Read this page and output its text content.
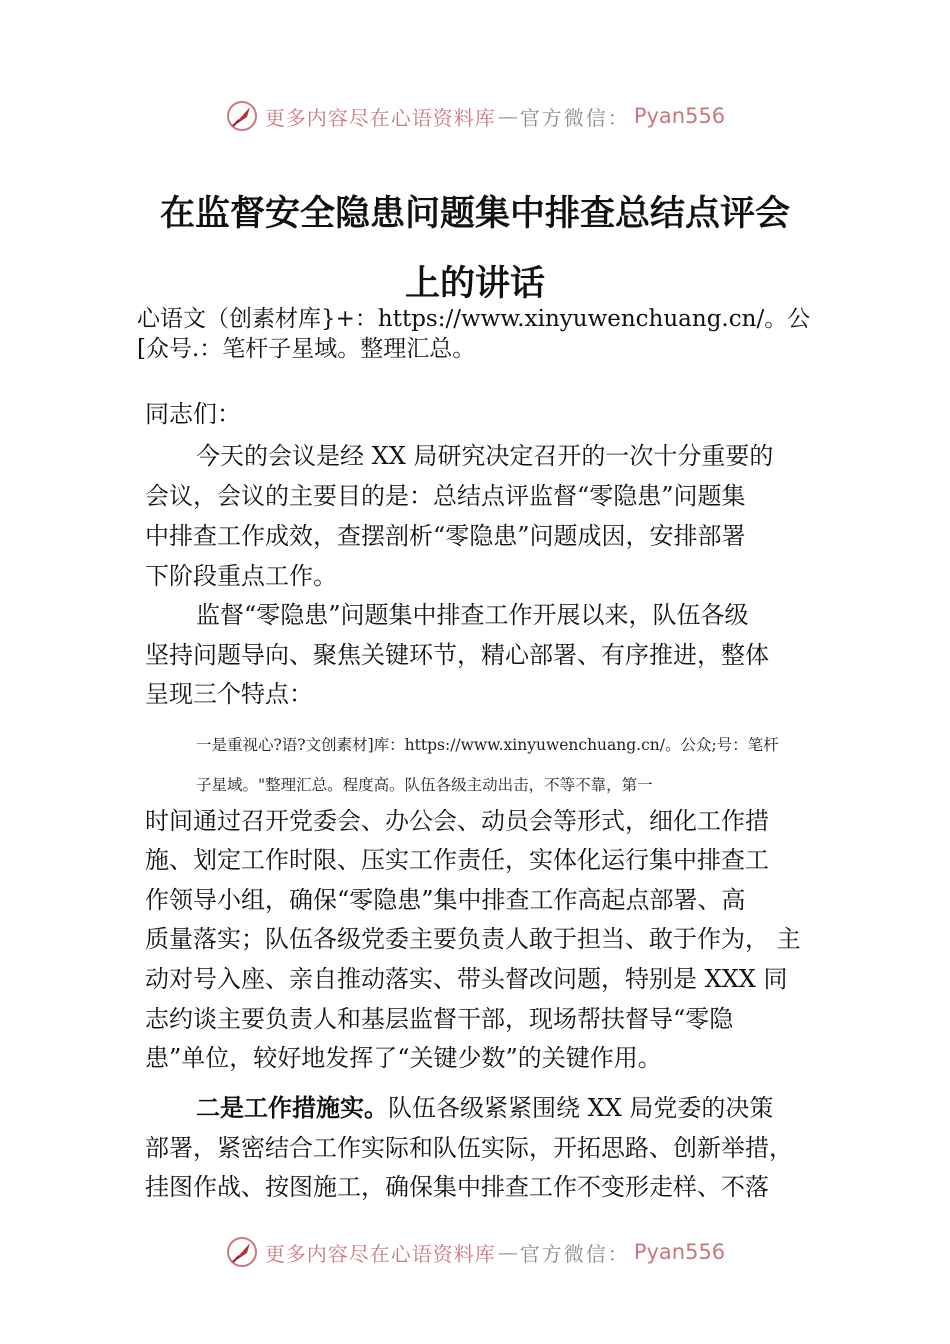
更多内容尽在心语资料库 — 官方微信： Pyan556
在监督安全隐患问题集中排查总结点评会
上的讲话
心语文（创素材库}+：https://www.xinyuwenchuang.cn/。公
[众号.：笔杆子星域。整理汇总。
同志们：
今天的会议是经 XX 局研究决定召开的一次十分重要的
会议，会议的主要目的是：总结点评监督“零隐患”问题集
中排查工作成效，查摆剖析“零隐患”问题成因，安排部署
下阶段重点工作。
监督“零隐患”问题集中排查工作开展以来，队伍各级
坚持问题导向、聚焦关键环节，精心部署、有序推进，整体
呈现三个特点：
一是重视心?语?文创素材]库：https://www.xinyuwenchuang.cn/。公众;号：笔杆
子星域。"整理汇总。程度高。队伍各级主动出击，不等不靠，第一
时间通过召开党委会、办公会、动员会等形式，细化工作措
施、划定工作时限、压实工作责任，实体化运行集中排查工
作领导小组，确保“零隐患”集中排查工作高起点部署、高
质量落实；队伍各级党委主要负责人敢于担当、敢于作为， 主
动对号入座、亲自推动落实、带头督改问题，特别是 XXX 同
志约谈主要负责人和基层监督干部，现场帮扶督导“零隐
患”单位，较好地发挥了“关键少数”的关键作用。
二是工作措施实。队伍各级紧紧围绕 XX 局党委的决策
部署，紧密结合工作实际和队伍实际，开拓思路、创新举措，
挂图作战、按图施工，确保集中排查工作不变形走样、不落
更多内容尽在心语资料库 — 官方微信： Pyan556
